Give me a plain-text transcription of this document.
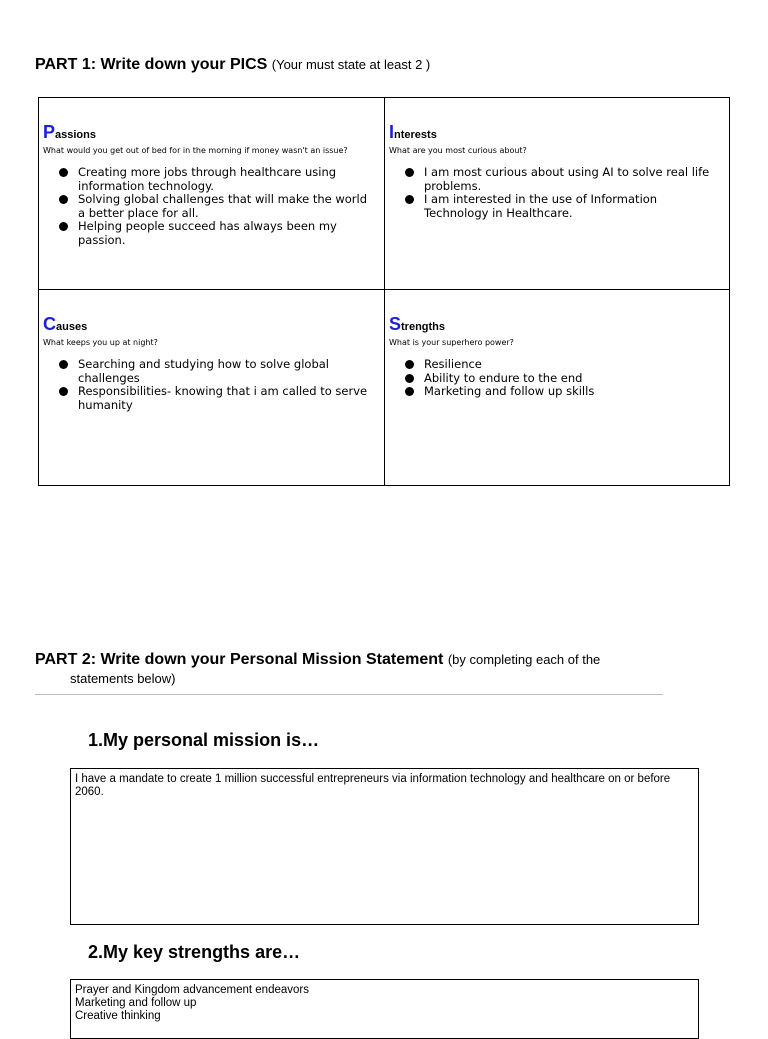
PART 1: Write down your PICS (Your must state at least 2 )
Passions
What would you get out of bed for in the morning if money wasn't an issue?
Creating more jobs through healthcare using information technology.
Solving global challenges that will make the world a better place for all.
Helping people succeed has always been my passion.
Interests
What are you most curious about?
I am most curious about using AI to solve real life problems.
I am interested in the use of Information Technology in Healthcare.
Causes
What keeps you up at night?
Searching and studying how to solve global challenges
Responsibilities- knowing that i am called to serve humanity
Strengths
What is your superhero power?
Resilience
Ability to endure to the end
Marketing and follow up skills
PART 2: Write down your Personal Mission Statement (by completing each of the
statements below)
1.My personal mission is…
I have a mandate to create 1 million successful entrepreneurs via information technology and healthcare on or before 2060.
2.My key strengths are…
Prayer and Kingdom advancement endeavors
Marketing and follow up
Creative thinking
